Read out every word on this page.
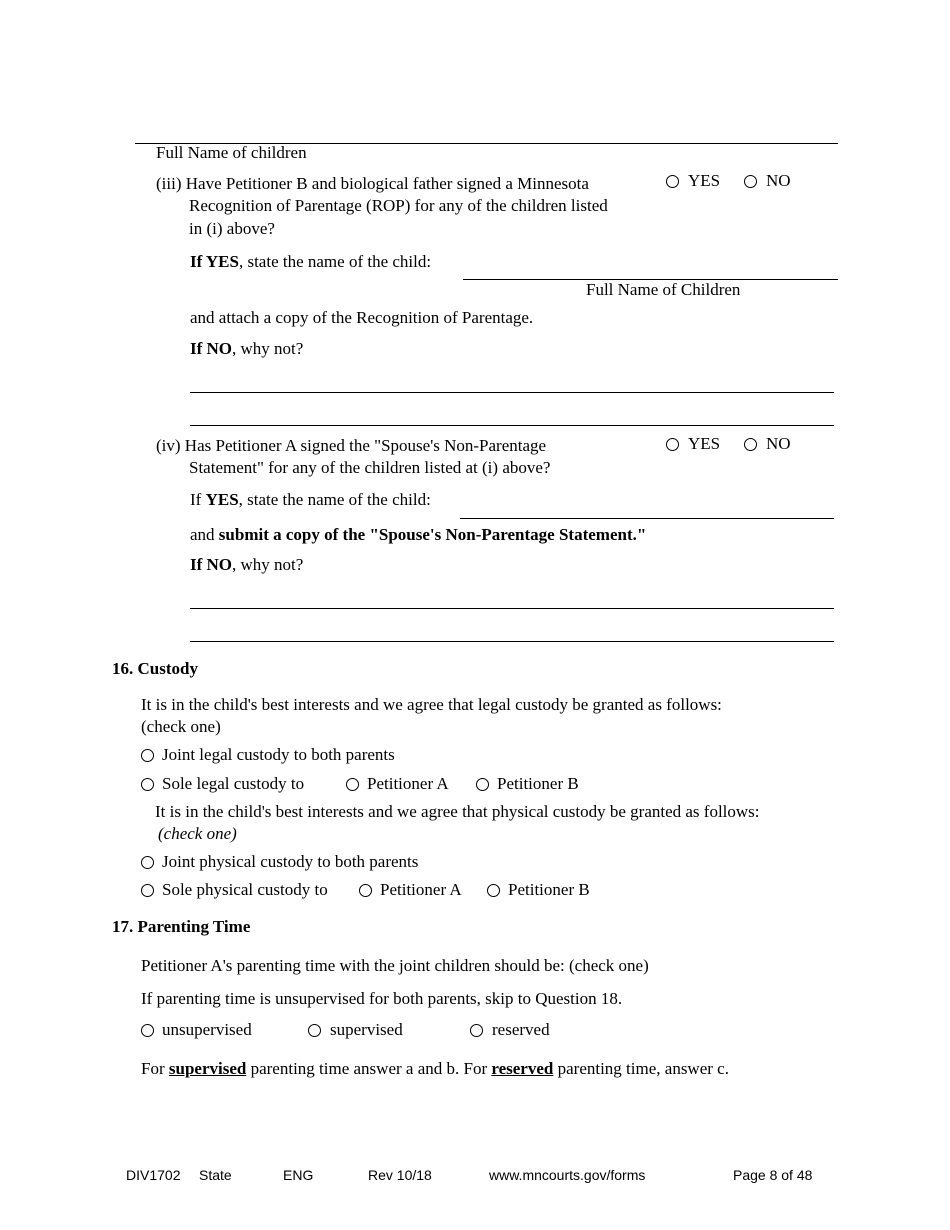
Full Name of children
(iii) Have Petitioner B and biological father signed a Minnesota
Recognition of Parentage (ROP) for any of the children listed
in (i) above?
YES	NO
If YES, state the name of the child:
Full Name of Children
and attach a copy of the Recognition of Parentage.
If NO, why not?
(iv) Has Petitioner A signed the "Spouse's Non-Parentage
Statement" for any of the children listed at (i) above?
YES	NO
If YES, state the name of the child:
and submit a copy of the "Spouse's Non-Parentage Statement."
If NO, why not?
16. Custody
It is in the child's best interests and we agree that legal custody be granted as follows:
(check one)
Joint legal custody to both parents
Sole legal custody to	Petitioner A	Petitioner B
It is in the child's best interests and we agree that physical custody be granted as follows:
(check one)
Joint physical custody to both parents
Sole physical custody to	Petitioner A	Petitioner B
17. Parenting Time
Petitioner A's parenting time with the joint children should be: (check one)
If parenting time is unsupervised for both parents, skip to Question 18.
unsupervised	supervised	reserved
For supervised parenting time answer a and b. For reserved parenting time, answer c.
DIV1702 State	ENG	Rev 10/18	www.mncourts.gov/forms	Page 8 of 48
